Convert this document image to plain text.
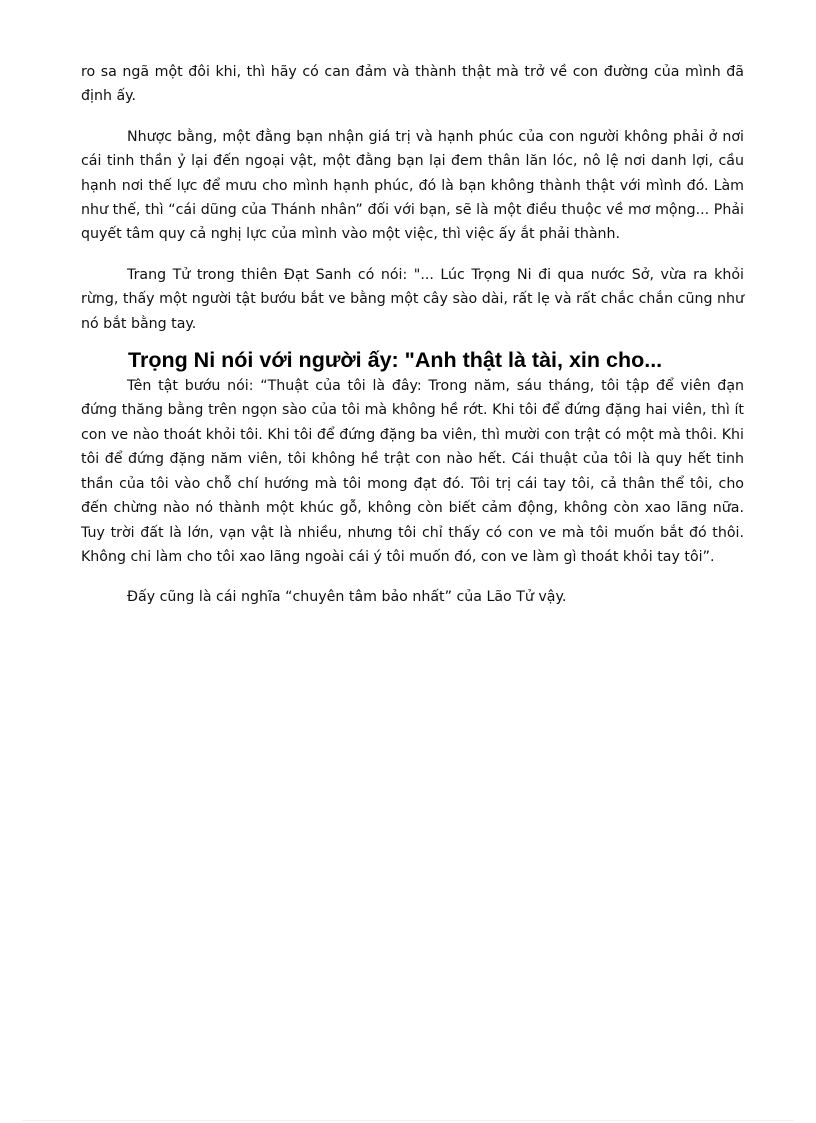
ro sa ngã một đôi khi, thì hãy có can đảm và thành thật mà trở về con đường của mình đã định ấy.

Nhược bằng, một đằng bạn nhận giá trị và hạnh phúc của con người không phải ở nơi cái tinh thần ỷ lại đến ngoại vật, một đằng bạn lại đem thân lăn lóc, nô lệ nơi danh lợi, cầu hạnh nơi thế lực để mưu cho mình hạnh phúc, đó là bạn không thành thật với mình đó. Làm như thế, thì “cái dũng của Thánh nhân” đối với bạn, sẽ là một điều thuộc về mơ mộng... Phải quyết tâm quy cả nghị lực của mình vào một việc, thì việc ấy ắt phải thành.

Trang Tử trong thiên Đạt Sanh có nói: "... Lúc Trọng Ni đi qua nước Sở, vừa ra khỏi rừng, thấy một người tật bướu bắt ve bằng một cây sào dài, rất lẹ và rất chắc chắn cũng như nó bắt bằng tay.

Trọng Ni nói với người ấy: "Anh thật là tài, xin cho...

Tên tật bướu nói: “Thuật của tôi là đây: Trong năm, sáu tháng, tôi tập để viên đạn đứng thăng bằng trên ngọn sào của tôi mà không hề rớt. Khi tôi để đứng đặng hai viên, thì ít con ve nào thoát khỏi tôi. Khi tôi để đứng đặng ba viên, thì mười con trật có một mà thôi. Khi tôi để đứng đặng năm viên, tôi không hề trật con nào hết. Cái thuật của tôi là quy hết tinh thần của tôi vào chỗ chí hướng mà tôi mong đạt đó. Tôi trị cái tay tôi, cả thân thể tôi, cho đến chừng nào nó thành một khúc gỗ, không còn biết cảm động, không còn xao lãng nữa. Tuy trời đất là lớn, vạn vật là nhiều, nhưng tôi chỉ thấy có con ve mà tôi muốn bắt đó thôi. Không chi làm cho tôi xao lãng ngoài cái ý tôi muốn đó, con ve làm gì thoát khỏi tay tôi”.

Đấy cũng là cái nghĩa “chuyên tâm bảo nhất” của Lão Tử vậy.
